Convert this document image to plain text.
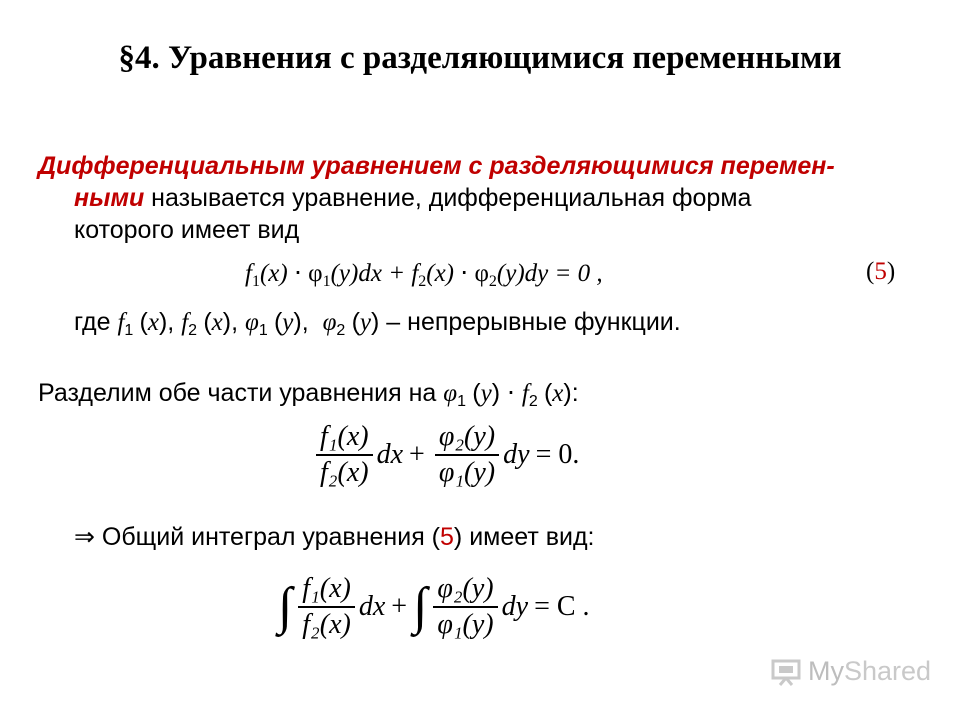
§4. Уравнения с разделяющимися переменными
Дифференциальным уравнением с разделяющимися перемен-

ными называется уравнение, дифференциальная форма
которого имеет вид
$f_1(x) \cdot \varphi_1(y)dx + f_2(x) \cdot \varphi_2(y)dy = 0$ ,	(5)
где $f_1$ (x), $f_2$ (x), $\varphi_1$ (y),  $\varphi_2$ (y) – непрерывные функции.
Разделим обе части уравнения на $\varphi_1$ $(y) \cdot f_2$ (x):
$\frac{\text{f₁(x)}}{\text{f₂(x)}}$ dx + $\frac{\text{φ₂(y)}}{\text{φ₁(y)}}$ dy = 0.
⇒ Общий интеграл уравнения (5) имеет вид:
∫ $\frac{\text{f₁(x)}}{\text{f₂(x)}}$ dx + ∫ $\frac{\text{φ₂(y)}}{\text{φ₁(y)}}$ dy = C .
My Shared
